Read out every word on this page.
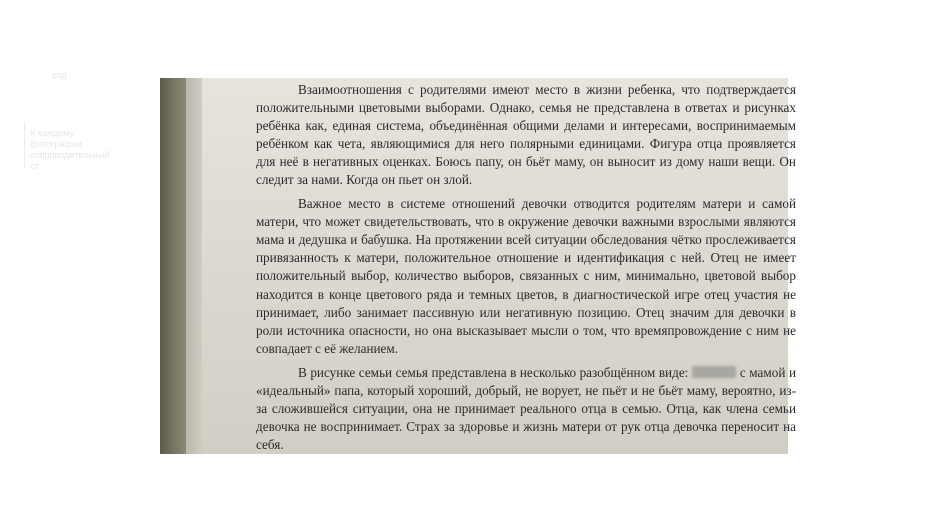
сод
К каждому
фотографии
сопроводительный
ст

Взаимоотношения с родителями имеют место в жизни ребенка, что подтверждается положительными цветовыми выборами. Однако, семья не представлена в ответах и рисунках ребёнка как, единая система, объединённая общими делами и интересами, воспринимаемым ребёнком как чета, являющимися для него полярными единицами. Фигура отца проявляется для неё в негативных оценках. Боюсь папу, он бьёт маму, он выносит из дому наши вещи. Он следит за нами. Когда он пьет он злой.

Важное место в системе отношений девочки отводится родителям матери и самой матери, что может свидетельствовать, что в окружение девочки важными взрослыми являются мама и дедушка и бабушка. На протяжении всей ситуации обследования чётко прослеживается привязанность к матери, положительное отношение и идентификация с ней. Отец не имеет положительный выбор, количество выборов, связанных с ним, минимально, цветовой выбор находится в конце цветового ряда и темных цветов, в диагностической игре отец участия не принимает, либо занимает пассивную или негативную позицию. Отец значим для девочки в роли источника опасности, но она высказывает мысли о том, что времяпровождение с ним не совпадает с её желанием.

В рисунке семьи семья представлена в несколько разобщённом виде:	с мамой и «идеальный» папа, который хороший, добрый, не ворует, не пьёт и не бьёт маму, вероятно, из-за сложившейся ситуации, она не принимает реального отца в семью. Отца, как члена семьи девочка не воспринимает. Страх за здоровье и жизнь матери от рук отца девочка переносит на себя.
